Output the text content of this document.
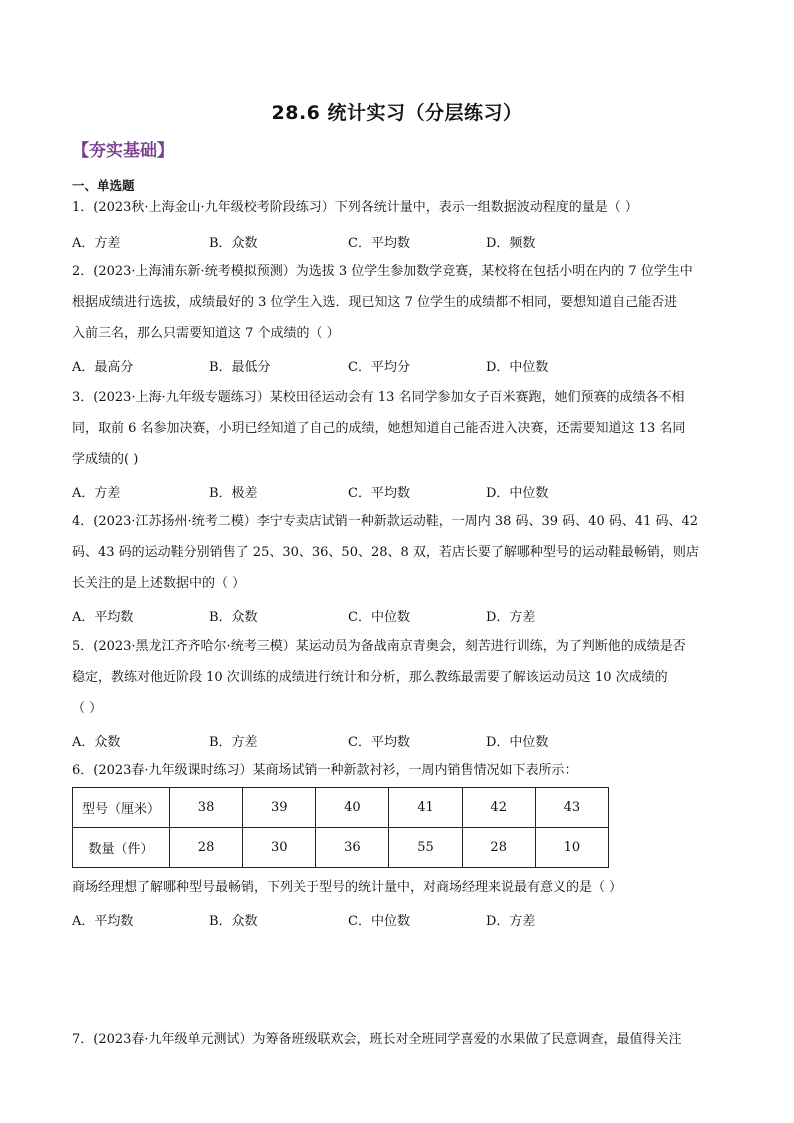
28.6 统计实习（分层练习）
【夯实基础】
一、单选题
1．(2023秋·上海金山·九年级校考阶段练习）下列各统计量中，表示一组数据波动程度的量是（ ）
A．方差	B．众数	C．平均数	D．频数
2．(2023·上海浦东新·统考模拟预测）为选拔 3 位学生参加数学竞赛，某校将在包括小明在内的 7 位学生中
根据成绩进行选拔，成绩最好的 3 位学生入选．现已知这 7 位学生的成绩都不相同，要想知道自己能否进
入前三名，那么只需要知道这 7 个成绩的（ ）
A．最高分	B．最低分	C．平均分	D．中位数
3．(2023·上海·九年级专题练习）某校田径运动会有 13 名同学参加女子百米赛跑，她们预赛的成绩各不相
同，取前 6 名参加决赛，小玥已经知道了自己的成绩，她想知道自己能否进入决赛，还需要知道这 13 名同
学成绩的( )
A．方差	B．极差	C．平均数	D．中位数
4．(2023·江苏扬州·统考二模）李宁专卖店试销一种新款运动鞋，一周内 38 码、39 码、40 码、41 码、42
码、43 码的运动鞋分别销售了 25、30、36、50、28、8 双，若店长要了解哪种型号的运动鞋最畅销，则店
长关注的是上述数据中的（ ）
A．平均数	B．众数	C．中位数	D．方差
5．(2023·黑龙江齐齐哈尔·统考三模）某运动员为备战南京青奥会，刻苦进行训练，为了判断他的成绩是否
稳定，教练对他近阶段 10 次训练的成绩进行统计和分析，那么教练最需要了解该运动员这 10 次成绩的
（ ）
A．众数	B．方差	C．平均数	D．中位数
6．(2023春·九年级课时练习）某商场试销一种新款衬衫，一周内销售情况如下表所示：
型号（厘米）	38	39	40	41	42	43
数量（件）	28	30	36	55	28	10
商场经理想了解哪种型号最畅销，下列关于型号的统计量中，对商场经理来说最有意义的是（ ）
A．平均数	B．众数	C．中位数	D．方差
7．(2023春·九年级单元测试）为筹备班级联欢会，班长对全班同学喜爱的水果做了民意调查，最值得关注
